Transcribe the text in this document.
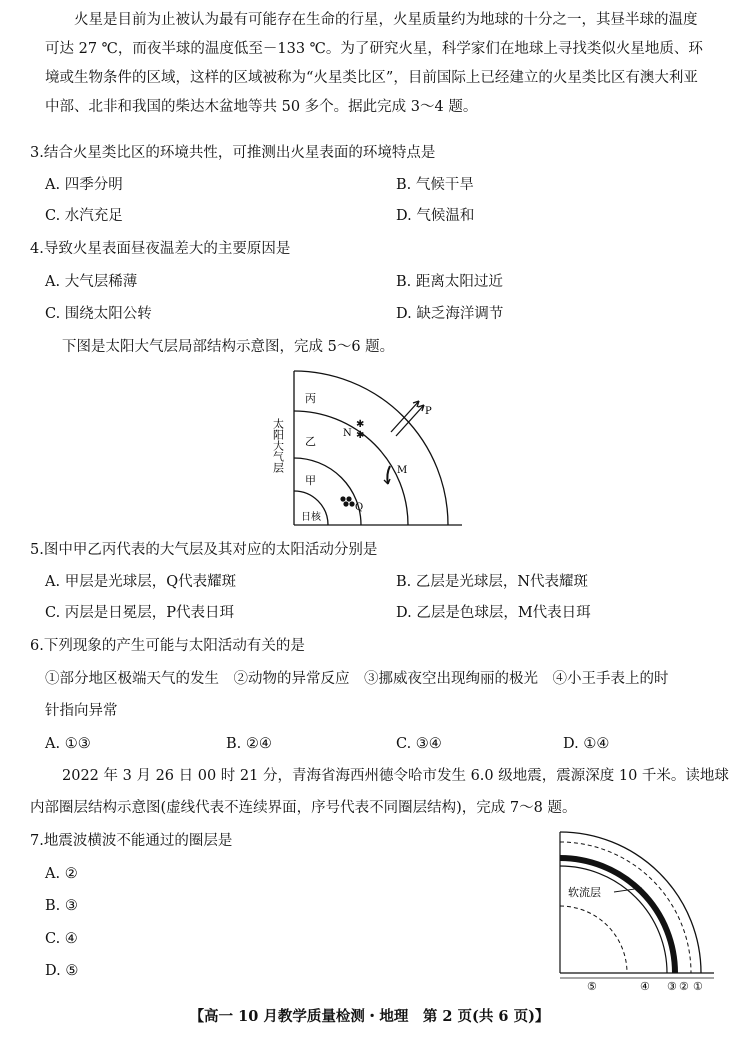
火星是目前为止被认为最有可能存在生命的行星，火星质量约为地球的十分之一，其昼半球的温度可达 27 ℃，而夜半球的温度低至－133 ℃。为了研究火星，科学家们在地球上寻找类似火星地质、环境或生物条件的区域，这样的区域被称为“火星类比区”，目前国际上已经建立的火星类比区有澳大利亚中部、北非和我国的柴达木盆地等共 50 多个。据此完成 3～4 题。
3.结合火星类比区的环境共性，可推测出火星表面的环境特点是
A. 四季分明	B. 气候干旱
C. 水汽充足	D. 气候温和
4.导致火星表面昼夜温差大的主要原因是
A. 大气层稀薄	B. 距离太阳过近
C. 围绕太阳公转	D. 缺乏海洋调节
下图是太阳大气层局部结构示意图，完成 5～6 题。
✱
✱
丙
乙
甲
日核
P
N
M
Q
太阳大气层
5.图中甲乙丙代表的大气层及其对应的太阳活动分别是
A. 甲层是光球层，Q代表耀斑	B. 乙层是光球层，N代表耀斑
C. 丙层是日冕层，P代表日珥	D. 乙层是色球层，M代表日珥
6.下列现象的产生可能与太阳活动有关的是
①部分地区极端天气的发生　②动物的异常反应　③挪威夜空出现绚丽的极光　④小王手表上的时
针指向异常
A. ①③	B. ②④	C. ③④	D. ①④
2022 年 3 月 26 日 00 时 21 分，青海省海西州德令哈市发生 6.0 级地震，震源深度 10 千米。读地球
内部圈层结构示意图(虚线代表不连续界面，序号代表不同圈层结构)，完成 7～8 题。
7.地震波横波不能通过的圈层是
A. ②
B. ③
C. ④
D. ⑤
软流层
⑤	④ ③ ② ①
【高一 10 月教学质量检测・地理　第 2 页(共 6 页)】
